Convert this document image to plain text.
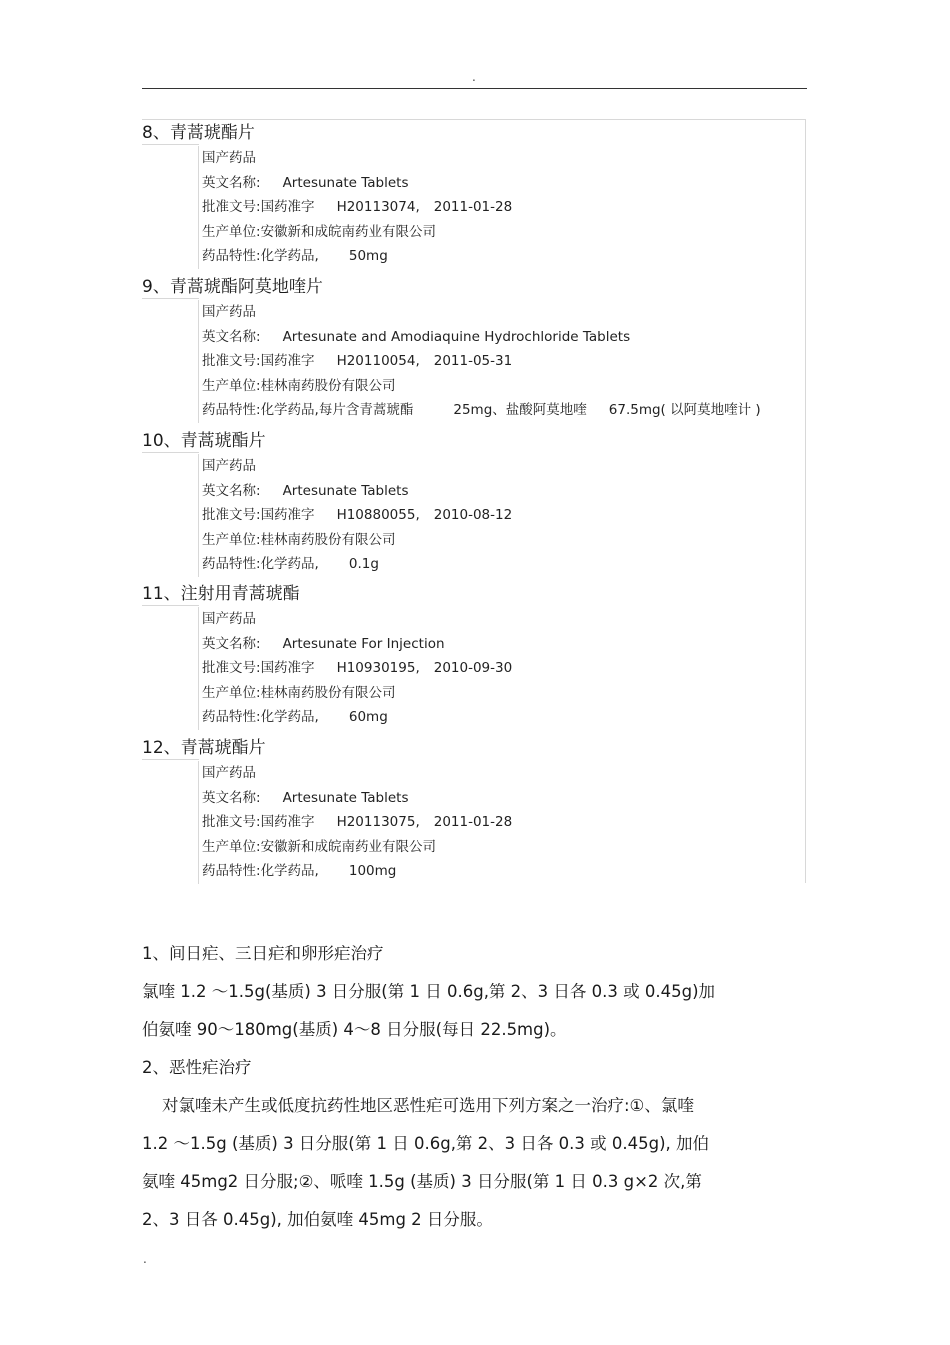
.
8、青蒿琥酯片
国产药品
英文名称: Artesunate Tablets
批准文号:国药准字 H20113074, 2011-01-28
生产单位:安徽新和成皖南药业有限公司
药品特性:化学药品, 50mg
9、青蒿琥酯阿莫地喹片
国产药品
英文名称: Artesunate and Amodiaquine Hydrochloride Tablets
批准文号:国药准字 H20110054, 2011-05-31
生产单位:桂林南药股份有限公司
药品特性:化学药品,每片含青蒿琥酯	25mg、盐酸阿莫地喹 67.5mg( 以阿莫地喹计 )
10、青蒿琥酯片
国产药品
英文名称: Artesunate Tablets
批准文号:国药准字 H10880055, 2010-08-12
生产单位:桂林南药股份有限公司
药品特性:化学药品, 0.1g
11、注射用青蒿琥酯
国产药品
英文名称: Artesunate For Injection
批准文号:国药准字 H10930195, 2010-09-30
生产单位:桂林南药股份有限公司
药品特性:化学药品, 60mg
12、青蒿琥酯片
国产药品
英文名称: Artesunate Tablets
批准文号:国药准字 H20113075, 2011-01-28
生产单位:安徽新和成皖南药业有限公司
药品特性:化学药品, 100mg
1、间日疟、三日疟和卵形疟治疗
氯喹 1.2 ～1.5g(基质) 3 日分服(第 1 日 0.6g,第 2、3 日各 0.3 或 0.45g)加
伯氨喹 90～180mg(基质) 4～8 日分服(每日 22.5mg)。
2、恶性疟治疗
对氯喹未产生或低度抗药性地区恶性疟可选用下列方案之一治疗:①、氯喹
1.2 ～1.5g (基质) 3 日分服(第 1 日 0.6g,第 2、3 日各 0.3 或 0.45g), 加伯
氨喹 45mg2 日分服;②、哌喹 1.5g (基质) 3 日分服(第 1 日 0.3 g×2 次,第
2、3 日各 0.45g), 加伯氨喹 45mg 2 日分服。
.
